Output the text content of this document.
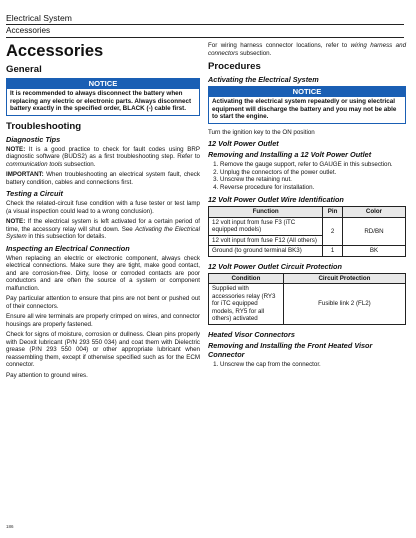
Electrical System
Accessories
Accessories
General
NOTICE
It is recommended to always disconnect the battery when replacing any electric or electronic parts. Always disconnect battery exactly in the specified order, BLACK (-) cable first.
Troubleshooting
Diagnostic Tips

NOTE: It is a good practice to check for fault codes using BRP diagnostic software (BUDS2) as a first troubleshooting step. Refer to communication tools subsection.

IMPORTANT: When troubleshooting an electrical system fault, check battery condition, cables and connections first.

Testing a Circuit

Check the related-circuit fuse condition with a fuse tester or test lamp (a visual inspection could lead to a wrong conclusion).

NOTE: If the electrical system is left activated for a certain period of time, the accessory relay will shut down. See Activating the Electrical System in this subsection for details.

Inspecting an Electrical Connection

When replacing an electric or electronic component, always check electrical connections. Make sure they are tight, make good contact, and are corrosion-free. Dirty, loose or corroded contacts are poor conductors and are often the source of a system or component malfunction.

Pay particular attention to ensure that pins are not bent or pushed out of their connectors.

Ensure all wire terminals are properly crimped on wires, and connector housings are properly fastened.

Check for signs of moisture, corrosion or dullness. Clean pins properly with Deoxit lubricant (P/N 293 550 034) and coat them with Dielectric grease (P/N 293 550 004) or other appropriate lubricant when reassembling them, except if otherwise specified such as for the ECM connector.

Pay attention to ground wires.

For wiring harness connector locations, refer to wiring harness and connectors subsection.

Procedures
Activating the Electrical System
NOTICE
Activating the electrical system repeatedly or using electrical equipment will discharge the battery and you may not be able to start the engine.

Turn the ignition key to the ON position

12 Volt Power Outlet
Removing and Installing a 12 Volt Power Outlet
1. Remove the gauge support, refer to GAUGE in this subsection.
2. Unplug the connectors of the power outlet.
3. Unscrew the retaining nut.
4. Reverse procedure for installation.
12 Volt Power Outlet Wire Identification
Function	Pin	Color
12 volt input from fuse F3 (iTC equipped models)	2	RD/BN
12 volt input from fuse F12 (All others)		
Ground (to ground terminal BK3)	1	BK
12 Volt Power Outlet Circuit Protection
Condition	Circuit Protection
Supplied with accessories relay (RY3 for iTC equipped models, RY5 for all others) activated	Fusible link 2 (FL2)
Heated Visor Connectors
Removing and Installing the Front Heated Visor Connector
1. Unscrew the cap from the connector.
186
